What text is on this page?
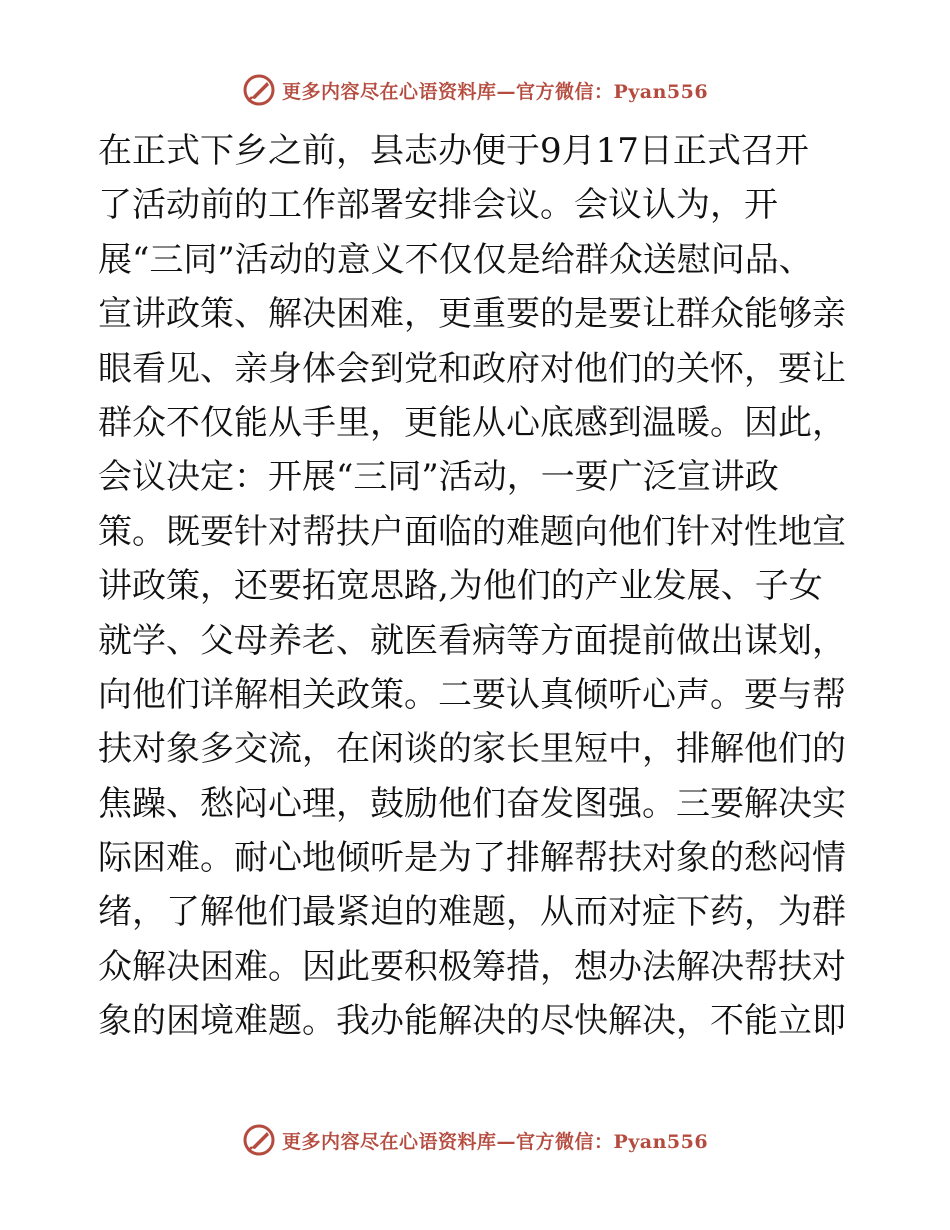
更多内容尽在心语资料库—官方微信：Pyan556
在正式下乡之前，县志办便于9月17日正式召开
了活动前的工作部署安排会议。会议认为，开
展“三同”活动的意义不仅仅是给群众送慰问品、
宣讲政策、解决困难，更重要的是要让群众能够亲
眼看见、亲身体会到党和政府对他们的关怀，要让
群众不仅能从手里，更能从心底感到温暖。因此，
会议决定：开展“三同”活动，一要广泛宣讲政
策。既要针对帮扶户面临的难题向他们针对性地宣
讲政策，还要拓宽思路,为他们的产业发展、子女
就学、父母养老、就医看病等方面提前做出谋划，
向他们详解相关政策。二要认真倾听心声。要与帮
扶对象多交流，在闲谈的家长里短中，排解他们的
焦躁、愁闷心理，鼓励他们奋发图强。三要解决实
际困难。耐心地倾听是为了排解帮扶对象的愁闷情
绪，了解他们最紧迫的难题，从而对症下药，为群
众解决困难。因此要积极筹措，想办法解决帮扶对
象的困境难题。我办能解决的尽快解决，不能立即
更多内容尽在心语资料库—官方微信：Pyan556
